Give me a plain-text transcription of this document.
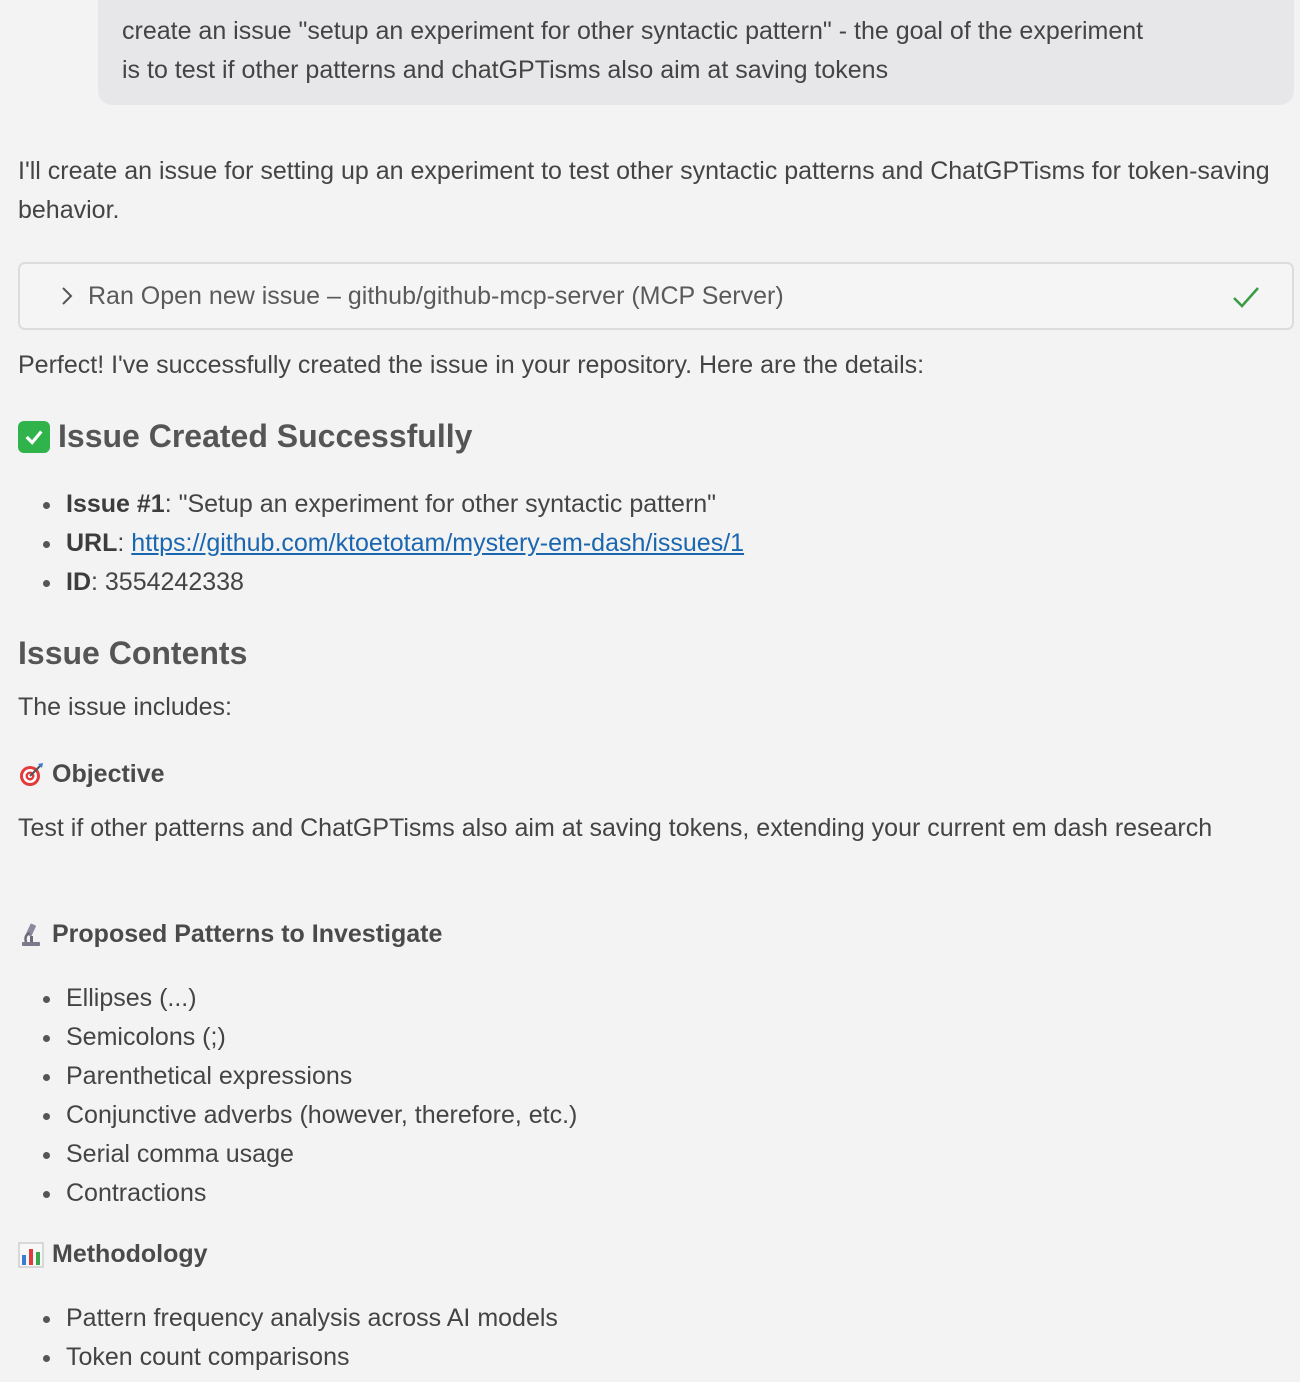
create an issue "setup an experiment for other syntactic pattern" - the goal of the experiment
is to test if other patterns and chatGPTisms also aim at saving tokens

I'll create an issue for setting up an experiment to test other syntactic patterns and ChatGPTisms for token-saving behavior.

Ran Open new issue – github/github-mcp-server (MCP Server)

Perfect! I've successfully created the issue in your repository. Here are the details:

Issue Created Successfully
Issue #1: "Setup an experiment for other syntactic pattern"
URL: https://github.com/ktoetotam/mystery-em-dash/issues/1
ID: 3554242338
Issue Contents

The issue includes:

Objective

Test if other patterns and ChatGPTisms also aim at saving tokens, extending your current em dash research

Proposed Patterns to Investigate
Ellipses (...)
Semicolons (;)
Parenthetical expressions
Conjunctive adverbs (however, therefore, etc.)
Serial comma usage
Contractions
Methodology
Pattern frequency analysis across AI models
Token count comparisons
